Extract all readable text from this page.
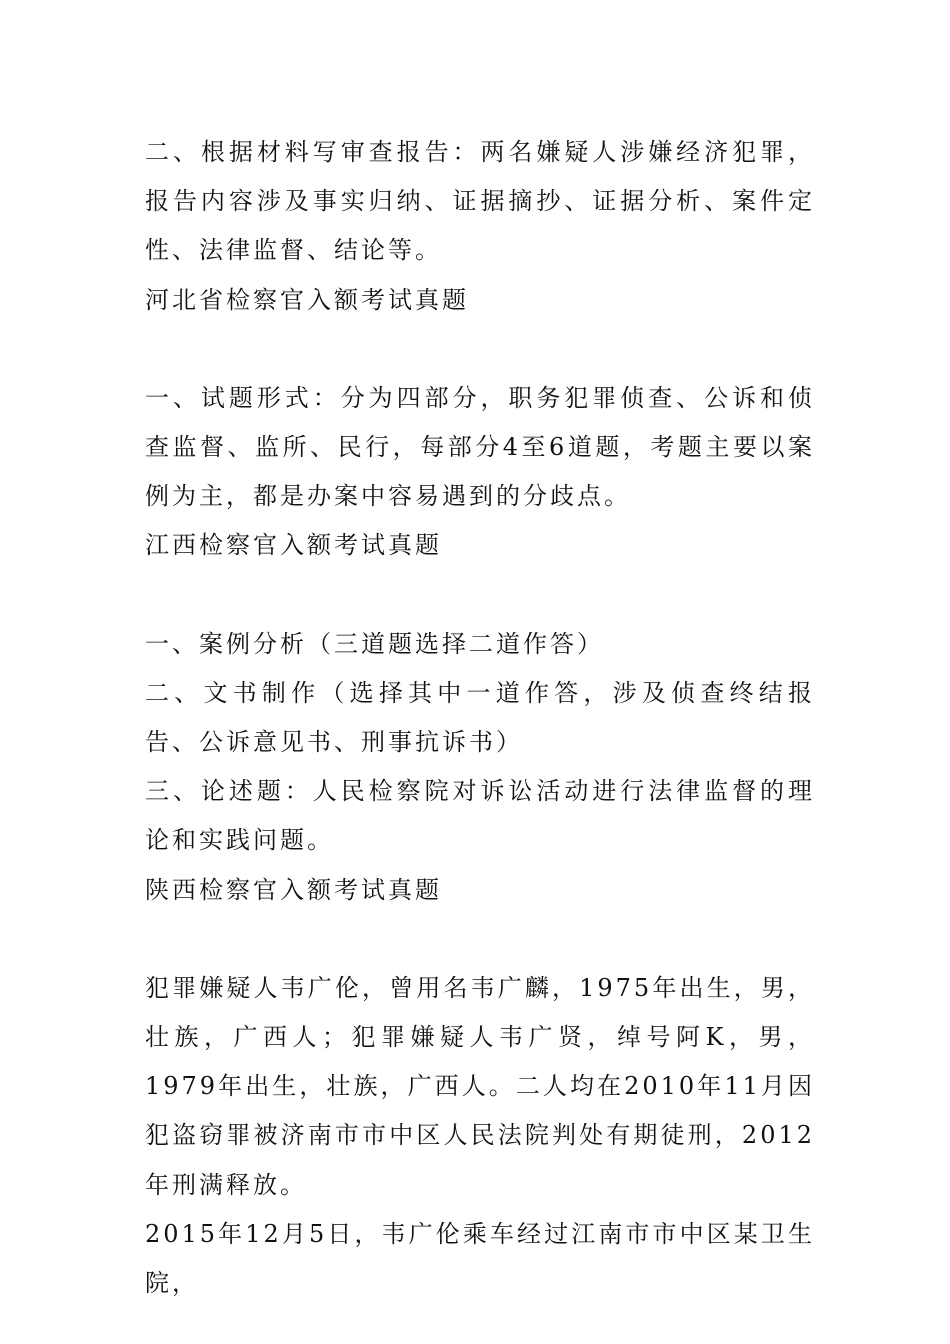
二、根据材料写审查报告：两名嫌疑人涉嫌经济犯罪，报告内容涉及事实归纳、证据摘抄、证据分析、案件定性、法律监督、结论等。

河北省检察官入额考试真题

一、试题形式：分为四部分，职务犯罪侦查、公诉和侦查监督、监所、民行，每部分4至6道题，考题主要以案例为主，都是办案中容易遇到的分歧点。

江西检察官入额考试真题

一、案例分析（三道题选择二道作答）

二、文书制作（选择其中一道作答，涉及侦查终结报告、公诉意见书、刑事抗诉书）

三、论述题：人民检察院对诉讼活动进行法律监督的理论和实践问题。

陕西检察官入额考试真题

犯罪嫌疑人韦广伦，曾用名韦广麟，1975年出生，男，壮族，广西人；犯罪嫌疑人韦广贤，绰号阿K，男，1979年出生，壮族，广西人。二人均在2010年11月因犯盗窃罪被济南市市中区人民法院判处有期徒刑，2012年刑满释放。

2015年12月5日，韦广伦乘车经过江南市市中区某卫生院，
